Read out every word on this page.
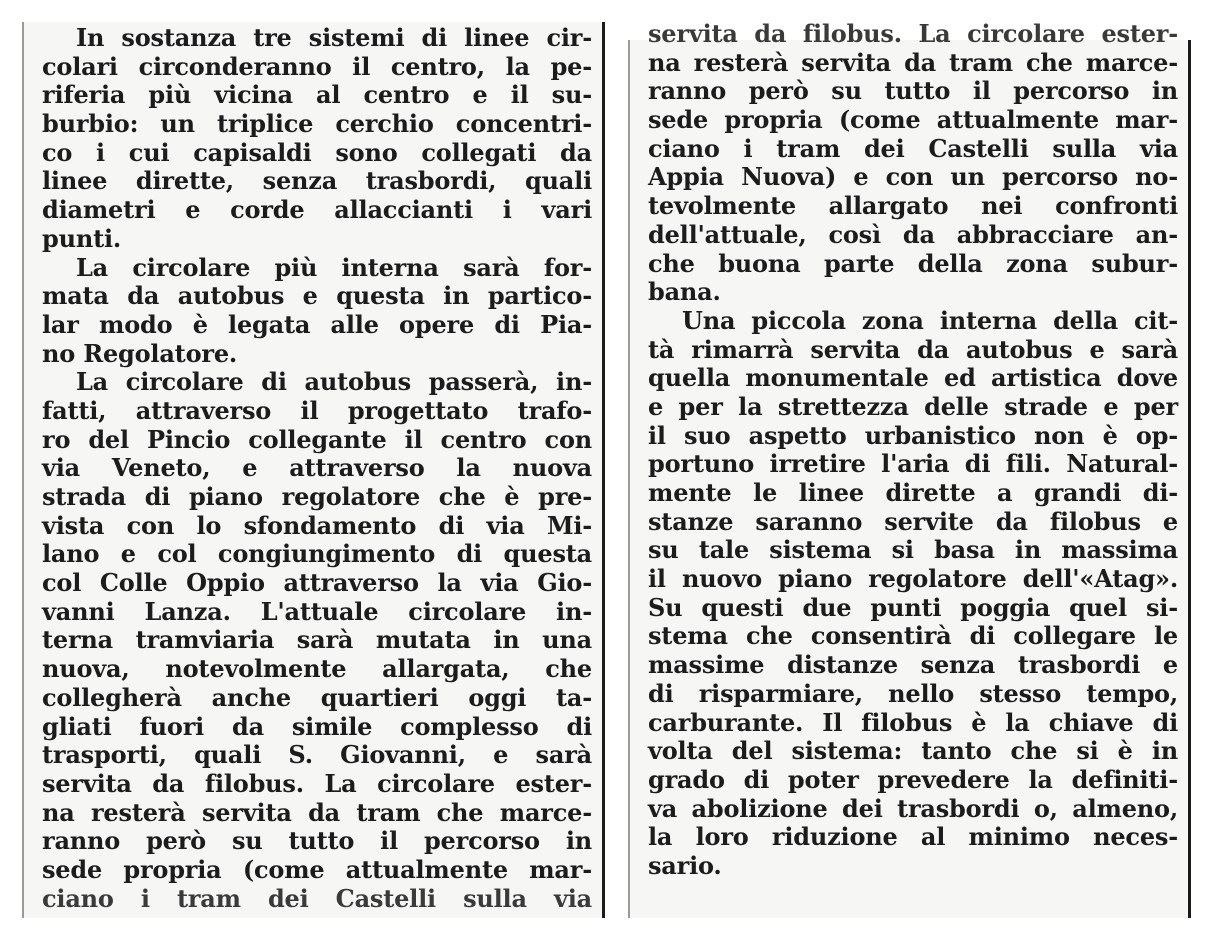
In sostanza tre sistemi di linee cir-
colari circonderanno il centro, la pe-
riferia più vicina al centro e il su-
burbio: un triplice cerchio concentri-
co i cui capisaldi sono collegati da
linee dirette, senza trasbordi, quali
diametri e corde allaccianti i vari
punti.
La circolare più interna sarà for-
mata da autobus e questa in partico-
lar modo è legata alle opere di Pia-
no Regolatore.
La circolare di autobus passerà, in-
fatti, attraverso il progettato trafo-
ro del Pincio collegante il centro con
via Veneto, e attraverso la nuova
strada di piano regolatore che è pre-
vista con lo sfondamento di via Mi-
lano e col congiungimento di questa
col Colle Oppio attraverso la via Gio-
vanni Lanza. L'attuale circolare in-
terna tramviaria sarà mutata in una
nuova, notevolmente allargata, che
collegherà anche quartieri oggi ta-
gliati fuori da simile complesso di
trasporti, quali S. Giovanni, e sarà
servita da filobus. La circolare ester-
na resterà servita da tram che marce-
ranno però su tutto il percorso in
sede propria (come attualmente mar-
ciano i tram dei Castelli sulla via
servita da filobus. La circolare ester-
na resterà servita da tram che marce-
ranno però su tutto il percorso in
sede propria (come attualmente mar-
ciano i tram dei Castelli sulla via
Appia Nuova) e con un percorso no-
tevolmente allargato nei confronti
dell'attuale, così da abbracciare an-
che buona parte della zona subur-
bana.
Una piccola zona interna della cit-
tà rimarrà servita da autobus e sarà
quella monumentale ed artistica dove
e per la strettezza delle strade e per
il suo aspetto urbanistico non è op-
portuno irretire l'aria di fili. Natural-
mente le linee dirette a grandi di-
stanze saranno servite da filobus e
su tale sistema si basa in massima
il nuovo piano regolatore dell'«Atag».
Su questi due punti poggia quel si-
stema che consentirà di collegare le
massime distanze senza trasbordi e
di risparmiare, nello stesso tempo,
carburante. Il filobus è la chiave di
volta del sistema: tanto che si è in
grado di poter prevedere la definiti-
va abolizione dei trasbordi o, almeno,
la loro riduzione al minimo neces-
sario.
